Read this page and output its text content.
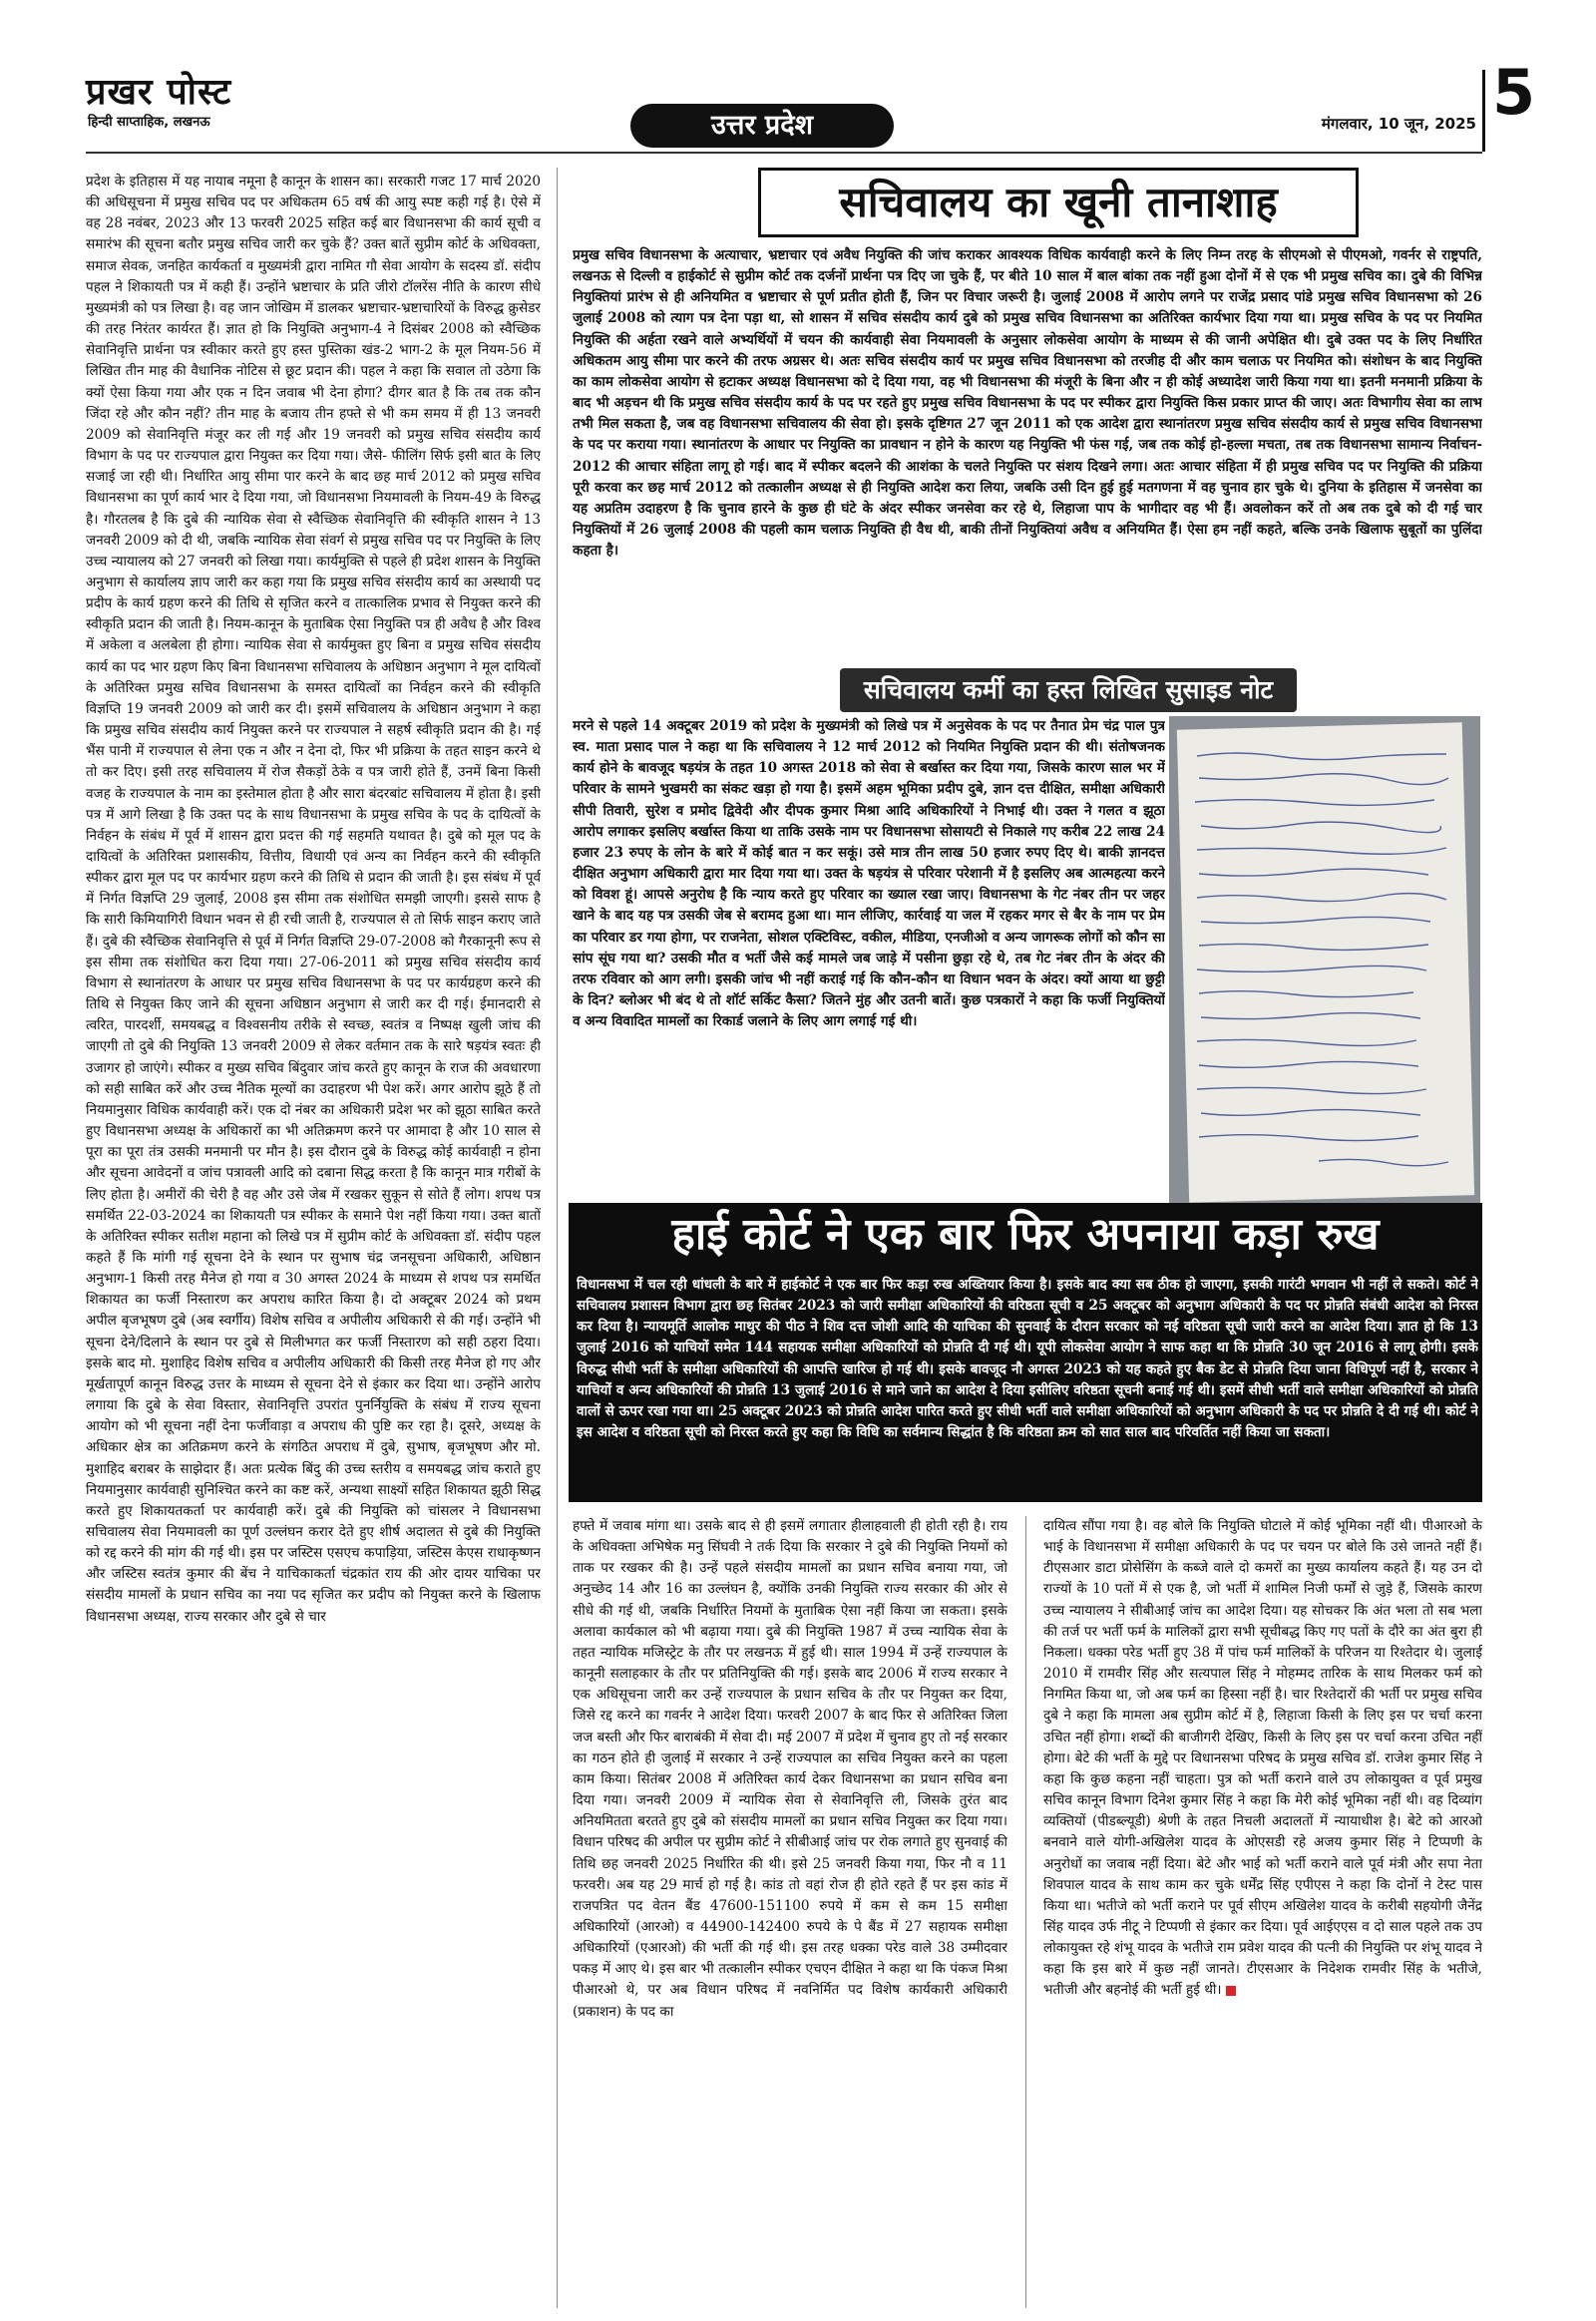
प्रखर पोस्ट
हिन्दी साप्ताहिक, लखनऊ	उत्तर प्रदेश	मंगलवार, 10 जून, 2025 5

प्रदेश के इतिहास में यह नायाब नमूना है कानून के शासन का। सरकारी गजट 17 मार्च 2020 की अधिसूचना में प्रमुख सचिव पद पर अधिकतम 65 वर्ष की आयु स्पष्ट कही गई है। ऐसे में वह 28 नवंबर, 2023 और 13 फरवरी 2025 सहित कई बार विधानसभा की कार्य सूची व समारंभ की सूचना बतौर प्रमुख सचिव जारी कर चुके हैं? उक्त बातें सुप्रीम कोर्ट के अधिवक्ता, समाज सेवक, जनहित कार्यकर्ता व मुख्यमंत्री द्वारा नामित गौ सेवा आयोग के सदस्य डॉ. संदीप पहल ने शिकायती पत्र में कही हैं। उन्होंने भ्रष्टाचार के प्रति जीरो टॉलरेंस नीति के कारण सीधे मुख्यमंत्री को पत्र लिखा है। वह जान जोखिम में डालकर भ्रष्टाचार-भ्रष्टाचारियों के विरुद्ध क्रुसेडर की तरह निरंतर कार्यरत हैं। ज्ञात हो कि नियुक्ति अनुभाग-4 ने दिसंबर 2008 को स्वैच्छिक सेवानिवृत्ति प्रार्थना पत्र स्वीकार करते हुए हस्त पुस्तिका खंड-2 भाग-2 के मूल नियम-56 में लिखित तीन माह की वैधानिक नोटिस से छूट प्रदान की। पहल ने कहा कि सवाल तो उठेगा कि क्यों ऐसा किया गया और एक न दिन जवाब भी देना होगा? दीगर बात है कि तब तक कौन जिंदा रहे और कौन नहीं? तीन माह के बजाय तीन हफ्ते से भी कम समय में ही 13 जनवरी 2009 को सेवानिवृत्ति मंजूर कर ली गई और 19 जनवरी को प्रमुख सचिव संसदीय कार्य विभाग के पद पर राज्यपाल द्वारा नियुक्त कर दिया गया। जैसे- फीलिंग सिर्फ इसी बात के लिए सजाई जा रही थी। निर्धारित आयु सीमा पार करने के बाद छह मार्च 2012 को प्रमुख सचिव विधानसभा का पूर्ण कार्य भार दे दिया गया, जो विधानसभा नियमावली के नियम-49 के विरुद्ध है। गौरतलब है कि दुबे की न्यायिक सेवा से स्वैच्छिक सेवानिवृत्ति की स्वीकृति शासन ने 13 जनवरी 2009 को दी थी, जबकि न्यायिक सेवा संवर्ग से प्रमुख सचिव पद पर नियुक्ति के लिए उच्च न्यायालय को 27 जनवरी को लिखा गया। कार्यमुक्ति से पहले ही प्रदेश शासन के नियुक्ति अनुभाग से कार्यालय ज्ञाप जारी कर कहा गया कि प्रमुख सचिव संसदीय कार्य का अस्थायी पद प्रदीप के कार्य ग्रहण करने की तिथि से सृजित करने व तात्कालिक प्रभाव से नियुक्त करने की स्वीकृति प्रदान की जाती है। नियम-कानून के मुताबिक ऐसा नियुक्ति पत्र ही अवैध है और विश्व में अकेला व अलबेला ही होगा। न्यायिक सेवा से कार्यमुक्त हुए बिना व प्रमुख सचिव संसदीय कार्य का पद भार ग्रहण किए बिना विधानसभा सचिवालय के अधिष्ठान अनुभाग ने मूल दायित्वों के अतिरिक्त प्रमुख सचिव विधानसभा के समस्त दायित्वों का निर्वहन करने की स्वीकृति विज्ञप्ति 19 जनवरी 2009 को जारी कर दी। इसमें सचिवालय के अधिष्ठान अनुभाग ने कहा कि प्रमुख सचिव संसदीय कार्य नियुक्त करने पर राज्यपाल ने सहर्ष स्वीकृति प्रदान की है। गई भैंस पानी में राज्यपाल से लेना एक न और न देना दो, फिर भी प्रक्रिया के तहत साइन करने थे तो कर दिए। इसी तरह सचिवालय में रोज सैकड़ों ठेके व पत्र जारी होते हैं, उनमें बिना किसी वजह के राज्यपाल के नाम का इस्तेमाल होता है और सारा बंदरबांट सचिवालय में होता है। इसी पत्र में आगे लिखा है कि उक्त पद के साथ विधानसभा के प्रमुख सचिव के पद के दायित्वों के निर्वहन के संबंध में पूर्व में शासन द्वारा प्रदत्त की गई सहमति यथावत है। दुबे को मूल पद के दायित्वों के अतिरिक्त प्रशासकीय, वित्तीय, विधायी एवं अन्य का निर्वहन करने की स्वीकृति स्पीकर द्वारा मूल पद पर कार्यभार ग्रहण करने की तिथि से प्रदान की जाती है। इस संबंध में पूर्व में निर्गत विज्ञप्ति 29 जुलाई, 2008 इस सीमा तक संशोधित समझी जाएगी। इससे साफ है कि सारी किमियागिरी विधान भवन से ही रची जाती है, राज्यपाल से तो सिर्फ साइन कराए जाते हैं। दुबे की स्वैच्छिक सेवानिवृत्ति से पूर्व में निर्गत विज्ञप्ति 29-07-2008 को गैरकानूनी रूप से इस सीमा तक संशोधित करा दिया गया। 27-06-2011 को प्रमुख सचिव संसदीय कार्य विभाग से स्थानांतरण के आधार पर प्रमुख सचिव विधानसभा के पद पर कार्यग्रहण करने की तिथि से नियुक्त किए जाने की सूचना अधिष्ठान अनुभाग से जारी कर दी गई। ईमानदारी से त्वरित, पारदर्शी, समयबद्ध व विश्वसनीय तरीके से स्वच्छ, स्वतंत्र व निष्पक्ष खुली जांच की जाएगी तो दुबे की नियुक्ति 13 जनवरी 2009 से लेकर वर्तमान तक के सारे षड़यंत्र स्वतः ही उजागर हो जाएंगे। स्पीकर व मुख्य सचिव बिंदुवार जांच करते हुए कानून के राज की अवधारणा को सही साबित करें और उच्च नैतिक मूल्यों का उदाहरण भी पेश करें। अगर आरोप झूठे हैं तो नियमानुसार विधिक कार्यवाही करें। एक दो नंबर का अधिकारी प्रदेश भर को झूठा साबित करते हुए विधानसभा अध्यक्ष के अधिकारों का भी अतिक्रमण करने पर आमादा है और 10 साल से पूरा का पूरा तंत्र उसकी मनमानी पर मौन है। इस दौरान दुबे के विरुद्ध कोई कार्यवाही न होना और सूचना आवेदनों व जांच पत्रावली आदि को दबाना सिद्ध करता है कि कानून मात्र गरीबों के लिए होता है। अमीरों की चेरी है वह और उसे जेब में रखकर सुकून से सोते हैं लोग। शपथ पत्र समर्थित 22-03-2024 का शिकायती पत्र स्पीकर के समाने पेश नहीं किया गया। उक्त बातों के अतिरिक्त स्पीकर सतीश महाना को लिखे पत्र में सुप्रीम कोर्ट के अधिवक्ता डॉ. संदीप पहल कहते हैं कि मांगी गई सूचना देने के स्थान पर सुभाष चंद्र जनसूचना अधिकारी, अधिष्ठान अनुभाग-1 किसी तरह मैनेज हो गया व 30 अगस्त 2024 के माध्यम से शपथ पत्र समर्थित शिकायत का फर्जी निस्तारण कर अपराध कारित किया है। दो अक्टूबर 2024 को प्रथम अपील बृजभूषण दुबे (अब स्वर्गीय) विशेष सचिव व अपीलीय अधिकारी से की गई। उन्होंने भी सूचना देने/दिलाने के स्थान पर दुबे से मिलीभगत कर फर्जी निस्तारण को सही ठहरा दिया। इसके बाद मो. मुशाहिद विशेष सचिव व अपीलीय अधिकारी की किसी तरह मैनेज हो गए और मूर्खतापूर्ण कानून विरुद्ध उत्तर के माध्यम से सूचना देने से इंकार कर दिया था। उन्होंने आरोप लगाया कि दुबे के सेवा विस्तार, सेवानिवृत्ति उपरांत पुनर्नियुक्ति के संबंध में राज्य सूचना आयोग को भी सूचना नहीं देना फर्जीवाड़ा व अपराध की पुष्टि कर रहा है। दूसरे, अध्यक्ष के अधिकार क्षेत्र का अतिक्रमण करने के संगठित अपराध में दुबे, सुभाष, बृजभूषण और मो. मुशाहिद बराबर के साझेदार हैं। अतः प्रत्येक बिंदु की उच्च स्तरीय व समयबद्ध जांच कराते हुए नियमानुसार कार्यवाही सुनिश्चित करने का कष्ट करें, अन्यथा साक्ष्यों सहित शिकायत झूठी सिद्ध करते हुए शिकायतकर्ता पर कार्यवाही करें। दुबे की नियुक्ति को चांसलर ने विधानसभा सचिवालय सेवा नियमावली का पूर्ण उल्लंघन करार देते हुए शीर्ष अदालत से दुबे की नियुक्ति को रद्द करने की मांग की गई थी। इस पर जस्टिस एसएच कपाड़िया, जस्टिस केएस राधाकृष्णन और जस्टिस स्वतंत्र कुमार की बेंच ने याचिकाकर्ता चंद्रकांत राय की ओर दायर याचिका पर संसदीय मामलों के प्रधान सचिव का नया पद सृजित कर प्रदीप को नियुक्त करने के खिलाफ विधानसभा अध्यक्ष, राज्य सरकार और दुबे से चार

सचिवालय का खूनी तानाशाह

प्रमुख सचिव विधानसभा के अत्याचार, भ्रष्टाचार एवं अवैध नियुक्ति की जांच कराकर आवश्यक विधिक कार्यवाही करने के लिए निम्न तरह के सीएमओ से पीएमओ, गवर्नर से राष्ट्रपति, लखनऊ से दिल्ली व हाईकोर्ट से सुप्रीम कोर्ट तक दर्जनों प्रार्थना पत्र दिए जा चुके हैं, पर बीते 10 साल में बाल बांका तक नहीं हुआ दोनों में से एक भी प्रमुख सचिव का। दुबे की विभिन्न नियुक्तियां प्रारंभ से ही अनियमित व भ्रष्टाचार से पूर्ण प्रतीत होती हैं, जिन पर विचार जरूरी है। जुलाई 2008 में आरोप लगने पर राजेंद्र प्रसाद पांडे प्रमुख सचिव विधानसभा को 26 जुलाई 2008 को त्याग पत्र देना पड़ा था, सो शासन में सचिव संसदीय कार्य दुबे को प्रमुख सचिव विधानसभा का अतिरिक्त कार्यभार दिया गया था। प्रमुख सचिव के पद पर नियमित नियुक्ति की अर्हता रखने वाले अभ्यर्थियों में चयन की कार्यवाही सेवा नियमावली के अनुसार लोकसेवा आयोग के माध्यम से की जानी अपेक्षित थी। दुबे उक्त पद के लिए निर्धारित अधिकतम आयु सीमा पार करने की तरफ अग्रसर थे। अतः सचिव संसदीय कार्य पर प्रमुख सचिव विधानसभा को तरजीह दी और काम चलाऊ पर नियमित को। संशोधन के बाद नियुक्ति का काम लोकसेवा आयोग से हटाकर अध्यक्ष विधानसभा को दे दिया गया, वह भी विधानसभा की मंजूरी के बिना और न ही कोई अध्यादेश जारी किया गया था। इतनी मनमानी प्रक्रिया के बाद भी अड़चन थी कि प्रमुख सचिव संसदीय कार्य के पद पर रहते हुए प्रमुख सचिव विधानसभा के पद पर स्पीकर द्वारा नियुक्ति किस प्रकार प्राप्त की जाए। अतः विभागीय सेवा का लाभ तभी मिल सकता है, जब वह विधानसभा सचिवालय की सेवा हो। इसके दृष्टिगत 27 जून 2011 को एक आदेश द्वारा स्थानांतरण प्रमुख सचिव संसदीय कार्य से प्रमुख सचिव विधानसभा के पद पर कराया गया। स्थानांतरण के आधार पर नियुक्ति का प्रावधान न होने के कारण यह नियुक्ति भी फंस गई, जब तक कोई हो-हल्ला मचता, तब तक विधानसभा सामान्य निर्वाचन- 2012 की आचार संहिता लागू हो गई। बाद में स्पीकर बदलने की आशंका के चलते नियुक्ति पर संशय दिखने लगा। अतः आचार संहिता में ही प्रमुख सचिव पद पर नियुक्ति की प्रक्रिया पूरी करवा कर छह मार्च 2012 को तत्कालीन अध्यक्ष से ही नियुक्ति आदेश करा लिया, जबकि उसी दिन हुई हुई मतगणना में वह चुनाव हार चुके थे। दुनिया के इतिहास में जनसेवा का यह अप्रतिम उदाहरण है कि चुनाव हारने के कुछ ही घंटे के अंदर स्पीकर जनसेवा कर रहे थे, लिहाजा पाप के भागीदार वह भी हैं। अवलोकन करें तो अब तक दुबे को दी गई चार नियुक्तियों में 26 जुलाई 2008 की पहली काम चलाऊ नियुक्ति ही वैध थी, बाकी तीनों नियुक्तियां अवैध व अनियमित हैं। ऐसा हम नहीं कहते, बल्कि उनके खिलाफ सुबूतों का पुलिंदा कहता है।

सचिवालय कर्मी का हस्त लिखित सुसाइड नोट

मरने से पहले 14 अक्टूबर 2019 को प्रदेश के मुख्यमंत्री को लिखे पत्र में अनुसेवक के पद पर तैनात प्रेम चंद्र पाल पुत्र स्व. माता प्रसाद पाल ने कहा था कि सचिवालय ने 12 मार्च 2012 को नियमित नियुक्ति प्रदान की थी। संतोषजनक कार्य होने के बावजूद षड़यंत्र के तहत 10 अगस्त 2018 को सेवा से बर्खास्त कर दिया गया, जिसके कारण साल भर में परिवार के सामने भुखमरी का संकट खड़ा हो गया है। इसमें अहम भूमिका प्रदीप दुबे, ज्ञान दत्त दीक्षित, समीक्षा अधिकारी सीपी तिवारी, सुरेश व प्रमोद द्विवेदी और दीपक कुमार मिश्रा आदि अधिकारियों ने निभाई थी। उक्त ने गलत व झूठा आरोप लगाकर इसलिए बर्खास्त किया था ताकि उसके नाम पर विधानसभा सोसायटी से निकाले गए करीब 22 लाख 24 हजार 23 रुपए के लोन के बारे में कोई बात न कर सकूं। उसे मात्र तीन लाख 50 हजार रुपए दिए थे। बाकी ज्ञानदत्त दीक्षित अनुभाग अधिकारी द्वारा मार दिया गया था। उक्त के षड़यंत्र से परिवार परेशानी में है इसलिए अब आत्महत्या करने को विवश हूं। आपसे अनुरोध है कि न्याय करते हुए परिवार का ख्याल रखा जाए। विधानसभा के गेट नंबर तीन पर जहर खाने के बाद यह पत्र उसकी जेब से बरामद हुआ था। मान लीजिए, कार्रवाई या जल में रहकर मगर से बैर के नाम पर प्रेम का परिवार डर गया होगा, पर राजनेता, सोशल एक्टिविस्ट, वकील, मीडिया, एनजीओ व अन्य जागरूक लोगों को कौन सा सांप सूंघ गया था? उसकी मौत व भर्ती जैसे कई मामले जब जाड़े में पसीना छुड़ा रहे थे, तब गेट नंबर तीन के अंदर की तरफ रविवार को आग लगी। इसकी जांच भी नहीं कराई गई कि कौन-कौन था विधान भवन के अंदर। क्यों आया था छुट्टी के दिन? ब्लोअर भी बंद थे तो शॉर्ट सर्किट कैसा? जितने मुंह और उतनी बातें। कुछ पत्रकारों ने कहा कि फर्जी नियुक्तियों व अन्य विवादित मामलों का रिकार्ड जलाने के लिए आग लगाई गई थी।

हाई कोर्ट ने एक बार फिर अपनाया कड़ा रुख

विधानसभा में चल रही धांधली के बारे में हाईकोर्ट ने एक बार फिर कड़ा रुख अख्तियार किया है। इसके बाद क्या सब ठीक हो जाएगा, इसकी गारंटी भगवान भी नहीं ले सकते। कोर्ट ने सचिवालय प्रशासन विभाग द्वारा छह सितंबर 2023 को जारी समीक्षा अधिकारियों की वरिष्ठता सूची व 25 अक्टूबर को अनुभाग अधिकारी के पद पर प्रोन्नति संबंधी आदेश को निरस्त कर दिया है। न्यायमूर्ति आलोक माथुर की पीठ ने शिव दत्त जोशी आदि की याचिका की सुनवाई के दौरान सरकार को नई वरिष्ठता सूची जारी करने का आदेश दिया। ज्ञात हो कि 13 जुलाई 2016 को याचियों समेत 144 सहायक समीक्षा अधिकारियों को प्रोन्नति दी गई थी। यूपी लोकसेवा आयोग ने साफ कहा था कि प्रोन्नति 30 जून 2016 से लागू होगी। इसके विरुद्ध सीधी भर्ती के समीक्षा अधिकारियों की आपत्ति खारिज हो गई थी। इसके बावजूद नौ अगस्त 2023 को यह कहते हुए बैक डेट से प्रोन्नति दिया जाना विधिपूर्ण नहीं है, सरकार ने याचियों व अन्य अधिकारियों की प्रोन्नति 13 जुलाई 2016 से माने जाने का आदेश दे दिया इसीलिए वरिष्ठता सूचनी बनाई गई थी। इसमें सीधी भर्ती वाले समीक्षा अधिकारियों को प्रोन्नति वालों से ऊपर रखा गया था। 25 अक्टूबर 2023 को प्रोन्नति आदेश पारित करते हुए सीधी भर्ती वाले समीक्षा अधिकारियों को अनुभाग अधिकारी के पद पर प्रोन्नति दे दी गई थी। कोर्ट ने इस आदेश व वरिष्ठता सूची को निरस्त करते हुए कहा कि विधि का सर्वमान्य सिद्धांत है कि वरिष्ठता क्रम को सात साल बाद परिवर्तित नहीं किया जा सकता।

हफ्ते में जवाब मांगा था। उसके बाद से ही इसमें लगातार हीलाहवाली ही होती रही है। राय के अधिवक्ता अभिषेक मनु सिंघवी ने तर्क दिया कि सरकार ने दुबे की नियुक्ति नियमों को ताक पर रखकर की है। उन्हें पहले संसदीय मामलों का प्रधान सचिव बनाया गया, जो अनुच्छेद 14 और 16 का उल्लंघन है, क्योंकि उनकी नियुक्ति राज्य सरकार की ओर से सीधे की गई थी, जबकि निर्धारित नियमों के मुताबिक ऐसा नहीं किया जा सकता। इसके अलावा कार्यकाल को भी बढ़ाया गया। दुबे की नियुक्ति 1987 में उच्च न्यायिक सेवा के तहत न्यायिक मजिस्ट्रेट के तौर पर लखनऊ में हुई थी। साल 1994 में उन्हें राज्यपाल के कानूनी सलाहकार के तौर पर प्रतिनियुक्ति की गई। इसके बाद 2006 में राज्य सरकार ने एक अधिसूचना जारी कर उन्हें राज्यपाल के प्रधान सचिव के तौर पर नियुक्त कर दिया, जिसे रद्द करने का गवर्नर ने आदेश दिया। फरवरी 2007 के बाद फिर से अतिरिक्त जिला जज बस्ती और फिर बाराबंकी में सेवा दी। मई 2007 में प्रदेश में चुनाव हुए तो नई सरकार का गठन होते ही जुलाई में सरकार ने उन्हें राज्यपाल का सचिव नियुक्त करने का पहला काम किया। सितंबर 2008 में अतिरिक्त कार्य देकर विधानसभा का प्रधान सचिव बना दिया गया। जनवरी 2009 में न्यायिक सेवा से सेवानिवृत्ति ली, जिसके तुरंत बाद अनियमितता बरतते हुए दुबे को संसदीय मामलों का प्रधान सचिव नियुक्त कर दिया गया। विधान परिषद की अपील पर सुप्रीम कोर्ट ने सीबीआई जांच पर रोक लगाते हुए सुनवाई की तिथि छह जनवरी 2025 निर्धारित की थी। इसे 25 जनवरी किया गया, फिर नौ व 11 फरवरी। अब यह 29 मार्च हो गई है। कांड तो वहां रोज ही होते रहते हैं पर इस कांड में राजपत्रित पद वेतन बैंड 47600-151100 रुपये में कम से कम 15 समीक्षा अधिकारियों (आरओ) व 44900-142400 रुपये के पे बैंड में 27 सहायक समीक्षा अधिकारियों (एआरओ) की भर्ती की गई थी। इस तरह धक्का परेड वाले 38 उम्मीदवार पकड़ में आए थे। इस बार भी तत्कालीन स्पीकर एचएन दीक्षित ने कहा था कि पंकज मिश्रा पीआरओ थे, पर अब विधान परिषद में नवनिर्मित पद विशेष कार्यकारी अधिकारी (प्रकाशन) के पद का

दायित्व सौंपा गया है। वह बोले कि नियुक्ति घोटाले में कोई भूमिका नहीं थी। पीआरओ के भाई के विधानसभा में समीक्षा अधिकारी के पद पर चयन पर बोले कि उसे जानते नहीं हैं। टीएसआर डाटा प्रोसेसिंग के कब्जे वाले दो कमरों का मुख्य कार्यालय कहते हैं। यह उन दो राज्यों के 10 पतों में से एक है, जो भर्ती में शामिल निजी फर्मों से जुड़े हैं, जिसके कारण उच्च न्यायालय ने सीबीआई जांच का आदेश दिया। यह सोचकर कि अंत भला तो सब भला की तर्ज पर भर्ती फर्म के मालिकों द्वारा सभी सूचीबद्ध किए गए पतों के दौरे का अंत बुरा ही निकला। धक्का परेड भर्ती हुए 38 में पांच फर्म मालिकों के परिजन या रिश्तेदार थे। जुलाई 2010 में रामवीर सिंह और सत्यपाल सिंह ने मोहम्मद तारिक के साथ मिलकर फर्म को निगमित किया था, जो अब फर्म का हिस्सा नहीं है। चार रिश्तेदारों की भर्ती पर प्रमुख सचिव दुबे ने कहा कि मामला अब सुप्रीम कोर्ट में है, लिहाजा किसी के लिए इस पर चर्चा करना उचित नहीं होगा। शब्दों की बाजीगरी देखिए, किसी के लिए इस पर चर्चा करना उचित नहीं होगा। बेटे की भर्ती के मुद्दे पर विधानसभा परिषद के प्रमुख सचिव डॉ. राजेश कुमार सिंह ने कहा कि कुछ कहना नहीं चाहता। पुत्र को भर्ती कराने वाले उप लोकायुक्त व पूर्व प्रमुख सचिव कानून विभाग दिनेश कुमार सिंह ने कहा कि मेरी कोई भूमिका नहीं थी। वह दिव्यांग व्यक्तियों (पीडब्ल्यूडी) श्रेणी के तहत निचली अदालतों में न्यायाधीश है। बेटे को आरओ बनवाने वाले योगी-अखिलेश यादव के ओएसडी रहे अजय कुमार सिंह ने टिप्पणी के अनुरोधों का जवाब नहीं दिया। बेटे और भाई को भर्ती कराने वाले पूर्व मंत्री और सपा नेता शिवपाल यादव के साथ काम कर चुके धर्मेंद्र सिंह एपीएस ने कहा कि दोनों ने टेस्ट पास किया था। भतीजे को भर्ती कराने पर पूर्व सीएम अखिलेश यादव के करीबी सहयोगी जैनेंद्र सिंह यादव उर्फ नीटू ने टिप्पणी से इंकार कर दिया। पूर्व आईएएस व दो साल पहले तक उप लोकायुक्त रहे शंभू यादव के भतीजे राम प्रवेश यादव की पत्नी की नियुक्ति पर शंभू यादव ने कहा कि इस बारे में कुछ नहीं जानते। टीएसआर के निदेशक रामवीर सिंह के भतीजे, भतीजी और बहनोई की भर्ती हुई थी।
